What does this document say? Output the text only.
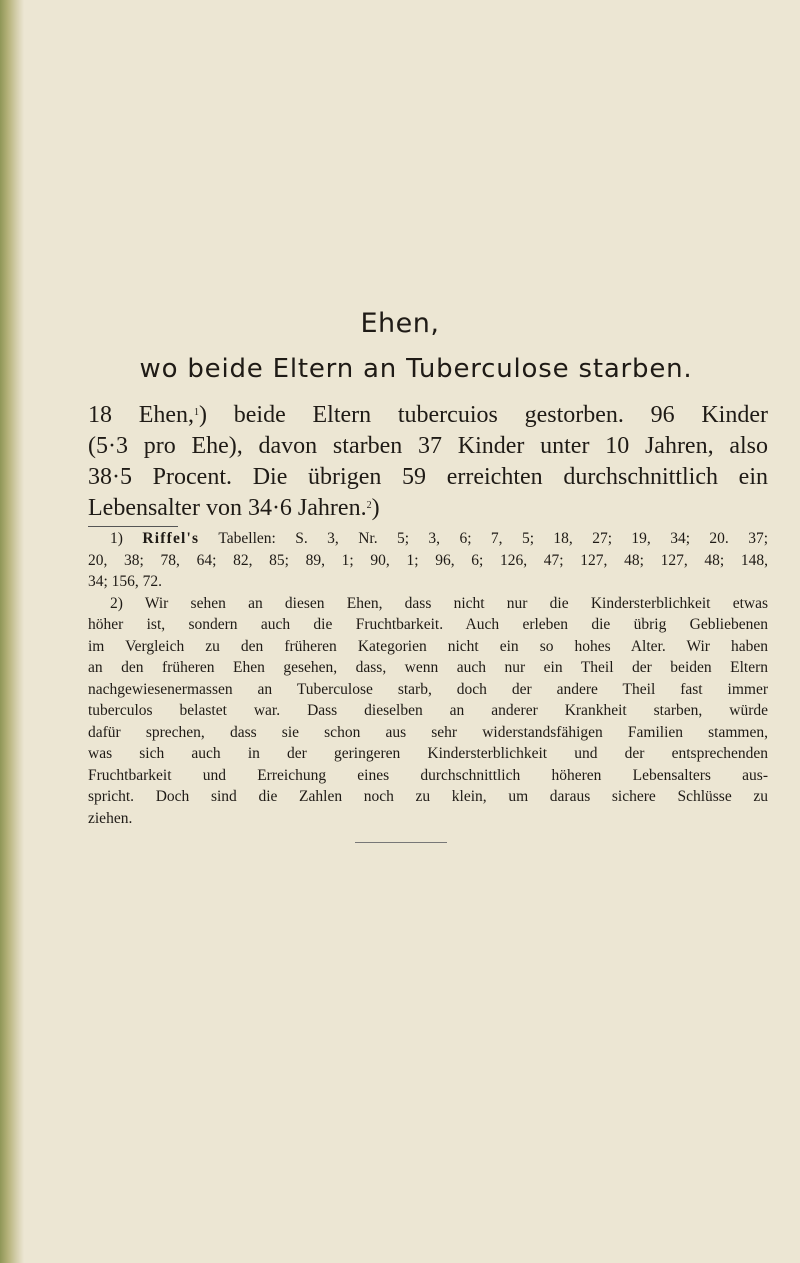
Ehen,
wo beide Eltern an Tuberculose starben.
18 Ehen,$^1$) beide Eltern tubercuios gestorben. 96 Kinder
(5·3 pro Ehe), davon starben 37 Kinder unter 10 Jahren, also
38·5 Procent. Die übrigen 59 erreichten durchschnittlich ein
Lebensalter von 34·6 Jahren.$^2$)
1) Riffel's Tabellen: S. 3, Nr. 5; 3, 6; 7, 5; 18, 27; 19, 34; 20. 37;
20, 38; 78, 64; 82, 85; 89, 1; 90, 1; 96, 6; 126, 47; 127, 48; 127, 48; 148,
34; 156, 72.
2) Wir sehen an diesen Ehen, dass nicht nur die Kindersterblichkeit etwas
höher ist, sondern auch die Fruchtbarkeit. Auch erleben die übrig Gebliebenen
im Vergleich zu den früheren Kategorien nicht ein so hohes Alter. Wir haben
an den früheren Ehen gesehen, dass, wenn auch nur ein Theil der beiden Eltern
nachgewiesenermassen an Tuberculose starb, doch der andere Theil fast immer
tuberculos belastet war. Dass dieselben an anderer Krankheit starben, würde
dafür sprechen, dass sie schon aus sehr widerstandsfähigen Familien stammen,
was sich auch in der geringeren Kindersterblichkeit und der entsprechenden
Fruchtbarkeit und Erreichung eines durchschnittlich höheren Lebensalters aus-
spricht. Doch sind die Zahlen noch zu klein, um daraus sichere Schlüsse zu
ziehen.
